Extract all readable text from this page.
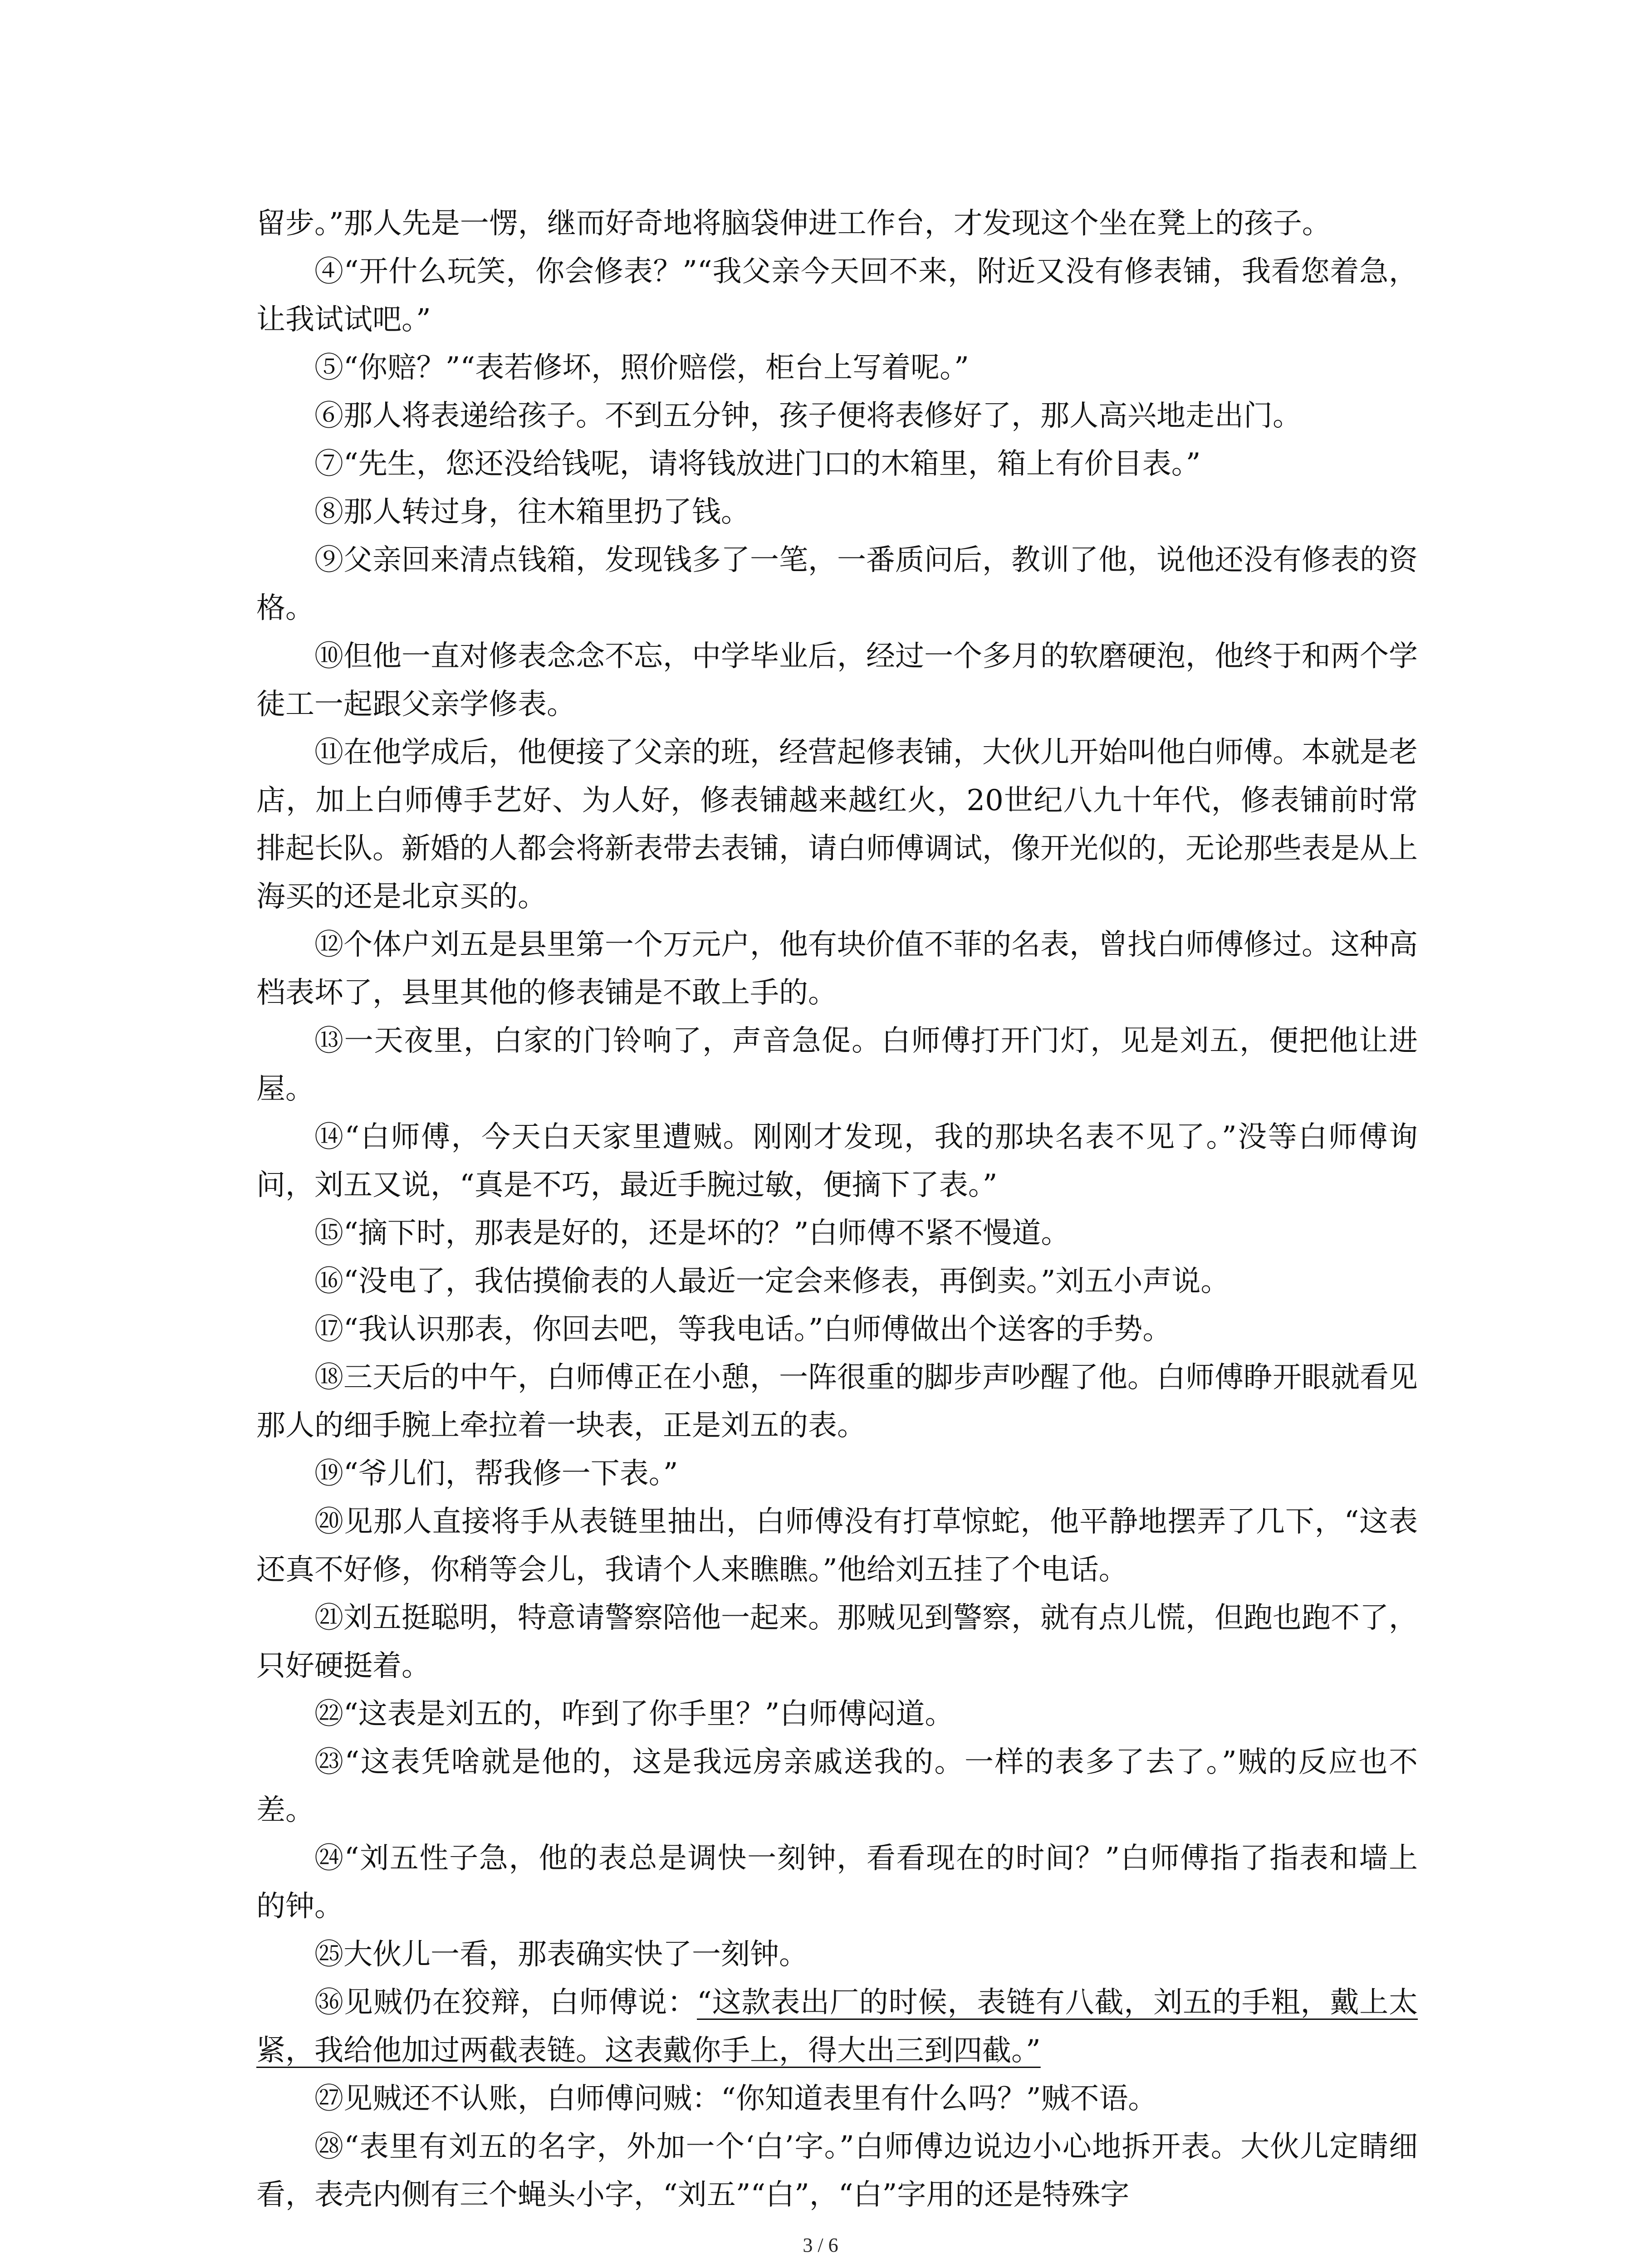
留步。”那人先是一愣，继而好奇地将脑袋伸进工作台，才发现这个坐在凳上的孩子。

④“开什么玩笑，你会修表？”“我父亲今天回不来，附近又没有修表铺，我看您着急，让我试试吧。”

⑤“你赔？”“表若修坏，照价赔偿，柜台上写着呢。”

⑥那人将表递给孩子。不到五分钟，孩子便将表修好了，那人高兴地走出门。

⑦“先生，您还没给钱呢，请将钱放进门口的木箱里，箱上有价目表。”

⑧那人转过身，往木箱里扔了钱。

⑨父亲回来清点钱箱，发现钱多了一笔，一番质问后，教训了他，说他还没有修表的资格。

⑩但他一直对修表念念不忘，中学毕业后，经过一个多月的软磨硬泡，他终于和两个学徒工一起跟父亲学修表。

⑪在他学成后，他便接了父亲的班，经营起修表铺，大伙儿开始叫他白师傅。本就是老店，加上白师傅手艺好、为人好，修表铺越来越红火，20世纪八九十年代，修表铺前时常排起长队。新婚的人都会将新表带去表铺，请白师傅调试，像开光似的，无论那些表是从上海买的还是北京买的。

⑫个体户刘五是县里第一个万元户，他有块价值不菲的名表，曾找白师傅修过。这种高档表坏了，县里其他的修表铺是不敢上手的。

⑬一天夜里，白家的门铃响了，声音急促。白师傅打开门灯，见是刘五，便把他让进屋。

⑭“白师傅，今天白天家里遭贼。刚刚才发现，我的那块名表不见了。”没等白师傅询问，刘五又说，“真是不巧，最近手腕过敏，便摘下了表。”

⑮“摘下时，那表是好的，还是坏的？”白师傅不紧不慢道。

⑯“没电了，我估摸偷表的人最近一定会来修表，再倒卖。”刘五小声说。

⑰“我认识那表，你回去吧，等我电话。”白师傅做出个送客的手势。

⑱三天后的中午，白师傅正在小憩，一阵很重的脚步声吵醒了他。白师傅睁开眼就看见那人的细手腕上牵拉着一块表，正是刘五的表。

⑲“爷儿们，帮我修一下表。”

⑳见那人直接将手从表链里抽出，白师傅没有打草惊蛇，他平静地摆弄了几下，“这表还真不好修，你稍等会儿，我请个人来瞧瞧。”他给刘五挂了个电话。

㉑刘五挺聪明，特意请警察陪他一起来。那贼见到警察，就有点儿慌，但跑也跑不了，只好硬挺着。

㉒“这表是刘五的，咋到了你手里？”白师傅闷道。

㉓“这表凭啥就是他的，这是我远房亲戚送我的。一样的表多了去了。”贼的反应也不差。

㉔“刘五性子急，他的表总是调快一刻钟，看看现在的时间？”白师傅指了指表和墙上的钟。

㉕大伙儿一看，那表确实快了一刻钟。

㊱见贼仍在狡辩，白师傅说：“这款表出厂的时候，表链有八截，刘五的手粗，戴上太紧，我给他加过两截表链。这表戴你手上，得大出三到四截。”

㉗见贼还不认账，白师傅问贼：“你知道表里有什么吗？”贼不语。

㉘“表里有刘五的名字，外加一个‘白’字。”白师傅边说边小心地拆开表。大伙儿定睛细看，表壳内侧有三个蝇头小字，“刘五”“白”，“白”字用的还是特殊字

3 / 6
